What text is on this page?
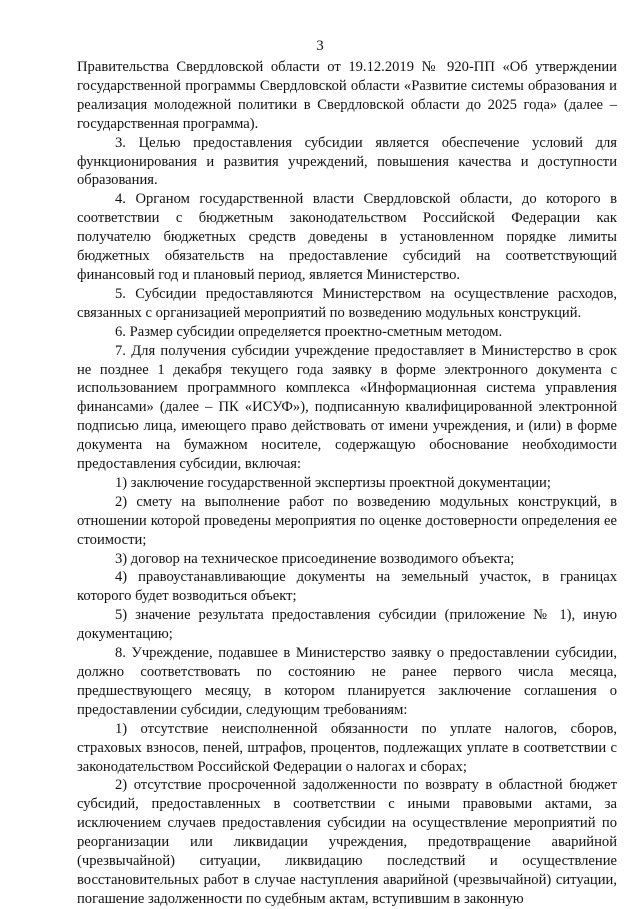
3

Правительства Свердловской области от 19.12.2019 № 920-ПП «Об утверждении государственной программы Свердловской области «Развитие системы образования и реализация молодежной политики в Свердловской области до 2025 года» (далее – государственная программа).

3. Целью предоставления субсидии является обеспечение условий для функционирования и развития учреждений, повышения качества и доступности образования.

4. Органом государственной власти Свердловской области, до которого в соответствии с бюджетным законодательством Российской Федерации как получателю бюджетных средств доведены в установленном порядке лимиты бюджетных обязательств на предоставление субсидий на соответствующий финансовый год и плановый период, является Министерство.

5. Субсидии предоставляются Министерством на осуществление расходов, связанных с организацией мероприятий по возведению модульных конструкций.

6. Размер субсидии определяется проектно-сметным методом.

7. Для получения субсидии учреждение предоставляет в Министерство в срок не позднее 1 декабря текущего года заявку в форме электронного документа с использованием программного комплекса «Информационная система управления финансами» (далее – ПК «ИСУФ»), подписанную квалифицированной электронной подписью лица, имеющего право действовать от имени учреждения, и (или) в форме документа на бумажном носителе, содержащую обоснование необходимости предоставления субсидии, включая:

1) заключение государственной экспертизы проектной документации;

2) смету на выполнение работ по возведению модульных конструкций, в отношении которой проведены мероприятия по оценке достоверности определения ее стоимости;

3) договор на техническое присоединение возводимого объекта;

4) правоустанавливающие документы на земельный участок, в границах которого будет возводиться объект;

5) значение результата предоставления субсидии (приложение № 1), иную документацию;

8. Учреждение, подавшее в Министерство заявку о предоставлении субсидии, должно соответствовать по состоянию не ранее первого числа месяца, предшествующего месяцу, в котором планируется заключение соглашения о предоставлении субсидии, следующим требованиям:

1) отсутствие неисполненной обязанности по уплате налогов, сборов, страховых взносов, пеней, штрафов, процентов, подлежащих уплате в соответствии с законодательством Российской Федерации о налогах и сборах;

2) отсутствие просроченной задолженности по возврату в областной бюджет субсидий, предоставленных в соответствии с иными правовыми актами, за исключением случаев предоставления субсидии на осуществление мероприятий по реорганизации или ликвидации учреждения, предотвращение аварийной (чрезвычайной) ситуации, ликвидацию последствий и осуществление восстановительных работ в случае наступления аварийной (чрезвычайной) ситуации, погашение задолженности по судебным актам, вступившим в законную
